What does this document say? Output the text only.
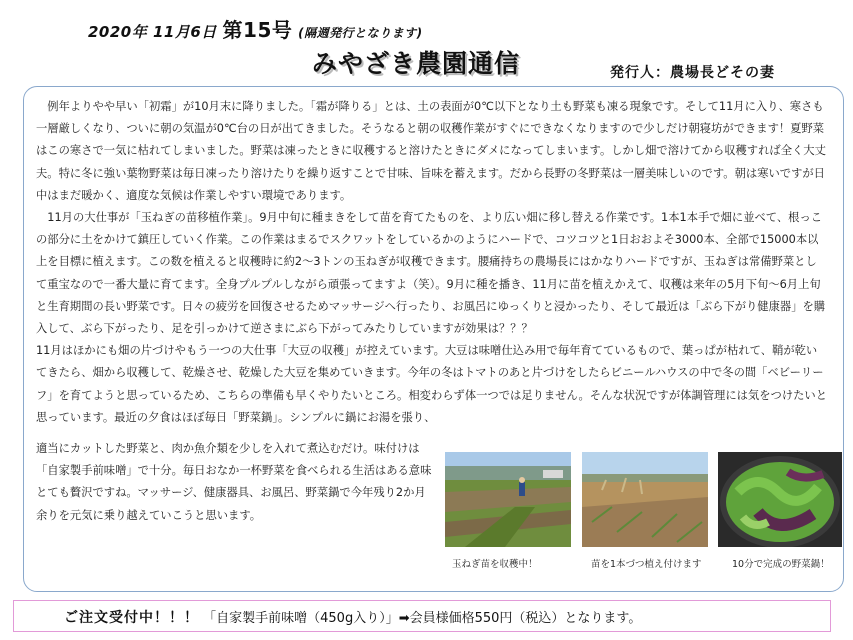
2020年 11月6日 第15号 (隔週発行となります)
みやざき農園通信	発行人：農場長どその妻

　例年よりやや早い「初霜」が10月末に降りました。「霜が降りる」とは、土の表面が0℃以下となり土も野菜も凍る現象です。そして11月に入り、寒さも一層厳しくなり、ついに朝の気温が0℃台の日が出てきました。そうなると朝の収穫作業がすぐにできなくなりますので少しだけ朝寝坊ができます！夏野菜はこの寒さで一気に枯れてしまいました。野菜は凍ったときに収穫すると溶けたときにダメになってしまいます。しかし畑で溶けてから収穫すれば全く大丈夫。特に冬に強い葉物野菜は毎日凍ったり溶けたりを繰り返すことで甘味、旨味を蓄えます。だから長野の冬野菜は一層美味しいのです。朝は寒いですが日中はまだ暖かく、適度な気候は作業しやすい環境であります。

　11月の大仕事が「玉ねぎの苗移植作業」。9月中旬に種まきをして苗を育てたものを、より広い畑に移し替える作業です。1本1本手で畑に並べて、根っこの部分に土をかけて鎮圧していく作業。この作業はまるでスクワットをしているかのようにハードで、コツコツと1日おおよそ3000本、全部で15000本以上を目標に植えます。この数を植えると収穫時に約2～3トンの玉ねぎが収穫できます。腰痛持ちの農場長にはかなりハードですが、玉ねぎは常備野菜として重宝なので一番大量に育てます。全身プルプルしながら頑張ってますよ（笑）。9月に種を播き、11月に苗を植えかえて、収穫は来年の5月下旬～6月上旬と生育期間の長い野菜です。日々の疲労を回復させるためマッサージへ行ったり、お風呂にゆっくりと浸かったり、そして最近は「ぶら下がり健康器」を購入して、ぶら下がったり、足を引っかけて逆さまにぶら下がってみたりしていますが効果は？？？

11月はほかにも畑の片づけやもう一つの大仕事「大豆の収穫」が控えています。大豆は味噌仕込み用で毎年育てているもので、葉っぱが枯れて、鞘が乾いてきたら、畑から収穫して、乾燥させ、乾燥した大豆を集めていきます。今年の冬はトマトのあと片づけをしたらビニールハウスの中で冬の間「ベビーリーフ」を育てようと思っているため、こちらの準備も早くやりたいところ。相変わらず体一つでは足りません。そんな状況ですが体調管理には気をつけたいと思っています。最近の夕食はほぼ毎日「野菜鍋」。シンプルに鍋にお湯を張り、

適当にカットした野菜と、肉か魚介類を少しを入れて煮込むだけ。味付けは「自家製手前味噌」で十分。毎日おなか一杯野菜を食べられる生活はある意味とても贅沢ですね。マッサージ、健康器具、お風呂、野菜鍋で今年残り2か月余りを元気に乗り越えていこうと思います。

玉ねぎ苗を収穫中！	苗を1本づつ植え付けます	10分で完成の野菜鍋！
ご注文受付中！！！ 「自家製手前味噌（450g入り）」➡会員様価格550円（税込）となります。
